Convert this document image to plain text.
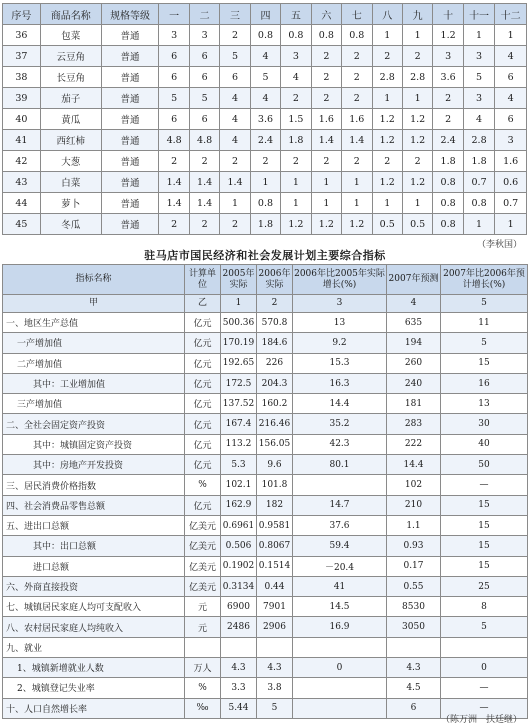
序号	商品名称	规格等级	一	二	三	四	五	六	七	八	九	十	十一	十二
36	包菜	普通	3	3	2	0.8	0.8	0.8	0.8	1	1	1.2	1	1
37	云豆角	普通	6	6	5	4	3	2	2	2	2	3	3	4
38	长豆角	普通	6	6	6	5	4	2	2	2.8	2.8	3.6	5	6
39	茄子	普通	5	5	4	4	2	2	2	1	1	2	3	4
40	黄瓜	普通	6	6	4	3.6	1.5	1.6	1.6	1.2	1.2	2	4	6
41	西红柿	普通	4.8	4.8	4	2.4	1.8	1.4	1.4	1.2	1.2	2.4	2.8	3
42	大葱	普通	2	2	2	2	2	2	2	2	2	1.8	1.8	1.6
43	白菜	普通	1.4	1.4	1.4	1	1	1	1	1.2	1.2	0.8	0.7	0.6
44	萝卜	普通	1.4	1.4	1	0.8	1	1	1	1	1	0.8	0.8	0.7
45	冬瓜	普通	2	2	2	1.8	1.2	1.2	1.2	0.5	0.5	0.8	1	1
（李秋国）
驻马店市国民经济和社会发展计划主要综合指标
指标名称	计算单位	2005年实际	2006年实际	2006年比2005年实际增长(%)	2007年预测	2007年比2006年预计增长(%)
甲	乙	1	2	3	4	5
一、地区生产总值	亿元	500.36	570.8	13	635	11
一产增加值	亿元	170.19	184.6	9.2	194	5
二产增加值	亿元	192.65	226	15.3	260	15
其中：工业增加值	亿元	172.5	204.3	16.3	240	16
三产增加值	亿元	137.52	160.2	14.4	181	13
二、全社会固定资产投资	亿元	167.4	216.46	35.2	283	30
其中：城镇固定资产投资	亿元	113.2	156.05	42.3	222	40
其中：房地产开发投资	亿元	5.3	9.6	80.1	14.4	50
三、居民消费价格指数	%	102.1	101.8		102	—
四、社会消费品零售总额	亿元	162.9	182	14.7	210	15
五、进出口总额	亿美元	0.6961	0.9581	37.6	1.1	15
其中：出口总额	亿美元	0.506	0.8067	59.4	0.93	15
进口总额	亿美元	0.1902	0.1514	－20.4	0.17	15
六、外商直接投资	亿美元	0.3134	0.44	41	0.55	25
七、城镇居民家庭人均可支配收入	元	6900	7901	14.5	8530	8
八、农村居民家庭人均纯收入	元	2486	2906	16.9	3050	5
九、就业						
1、城镇新增就业人数	万人	4.3	4.3	0	4.3	0
2、城镇登记失业率	%	3.3	3.8		4.5	—
十、人口自然增长率	‰	5.44	5		6	—
（陈万洲　扶廷继）
